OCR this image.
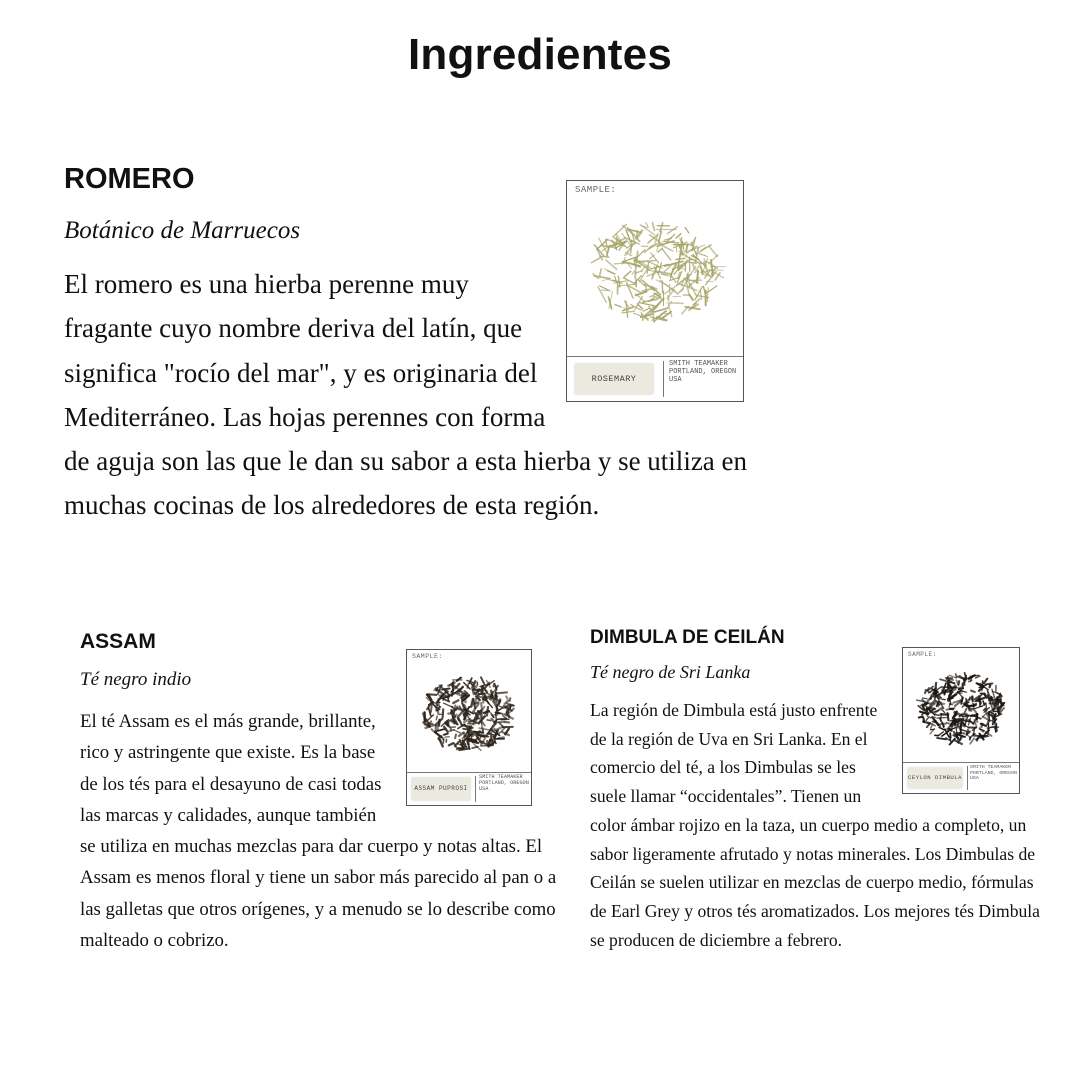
Ingredientes
ROMERO

Botánico de Marruecos

SAMPLE:
ROSEMARY
SMITH TEAMAKER
PORTLAND, OREGON
USA

El romero es una hierba perenne muy fragante cuyo nombre deriva del latín, que significa "rocío del mar", y es originaria del Mediterráneo. Las hojas perennes con forma de aguja son las que le dan su sabor a esta hierba y se utiliza en muchas cocinas de los alrededores de esta región.

ASSAM

Té negro indio

SAMPLE:
ASSAM PUPROSI
SMITH TEAMAKER
PORTLAND, OREGON
USA

El té Assam es el más grande, brillante, rico y astringente que existe. Es la base de los tés para el desayuno de casi todas las marcas y calidades, aunque también se utiliza en muchas mezclas para dar cuerpo y notas altas. El Assam es menos floral y tiene un sabor más parecido al pan o a las galletas que otros orígenes, y a menudo se lo describe como malteado o cobrizo.

DIMBULA DE CEILÁN

Té negro de Sri Lanka

SAMPLE:
CEYLON DIMBULA
SMITH TEAMAKER
PORTLAND, OREGON
USA

La región de Dimbula está justo enfrente de la región de Uva en Sri Lanka. En el comercio del té, a los Dimbulas se les suele llamar “occidentales”. Tienen un color ámbar rojizo en la taza, un cuerpo medio a completo, un sabor ligeramente afrutado y notas minerales. Los Dimbulas de Ceilán se suelen utilizar en mezclas de cuerpo medio, fórmulas de Earl Grey y otros tés aromatizados. Los mejores tés Dimbula se producen de diciembre a febrero.
